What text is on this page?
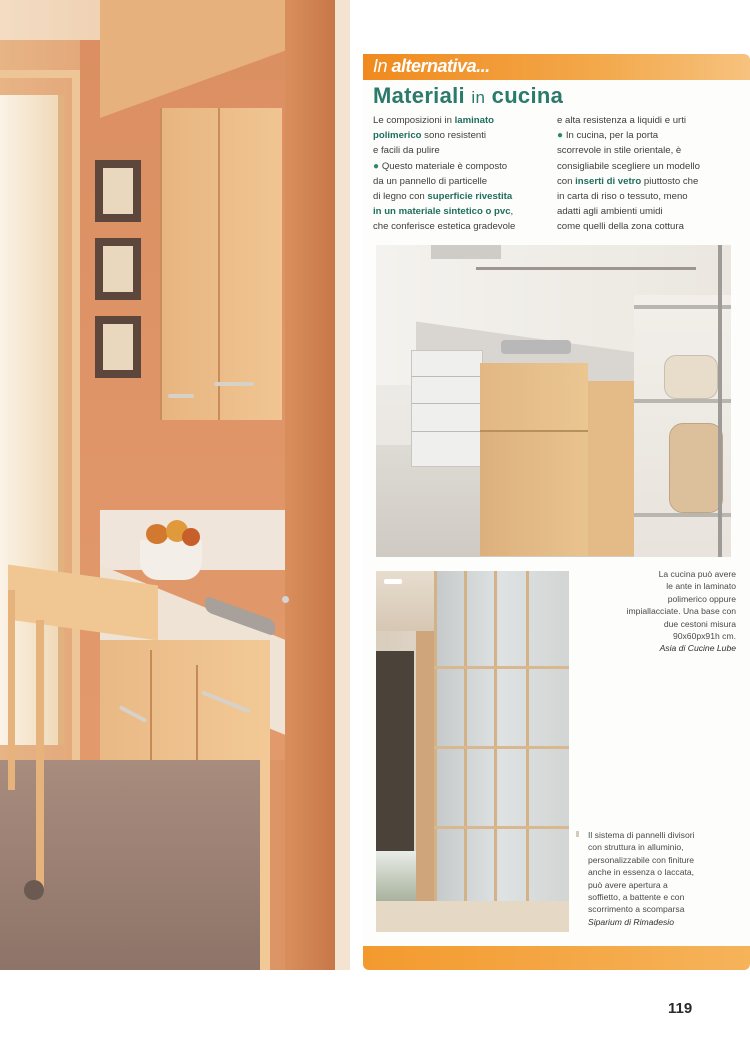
In alternativa...
Materiali in cucina
Le composizioni in laminato
polimerico sono resistenti
e facili da pulire
● Questo materiale è composto
da un pannello di particelle
di legno con superficie rivestita
in un materiale sintetico o pvc,
che conferisce estetica gradevole
e alta resistenza a liquidi e urti
● In cucina, per la porta
scorrevole in stile orientale, è
consigliabile scegliere un modello
con inserti di vetro piuttosto che
in carta di riso o tessuto, meno
adatti agli ambienti umidi
come quelli della zona cottura
La cucina può avere
le ante in laminato
polimerico oppure
impiallacciate. Una base con
due cestoni misura
90x60px91h cm.
Asia di Cucine Lube
Il sistema di pannelli divisori
con struttura in alluminio,
personalizzabile con finiture
anche in essenza o laccata,
può avere apertura a
soffietto, a battente e con
scorrimento a scomparsa
Siparium di Rimadesio
119
